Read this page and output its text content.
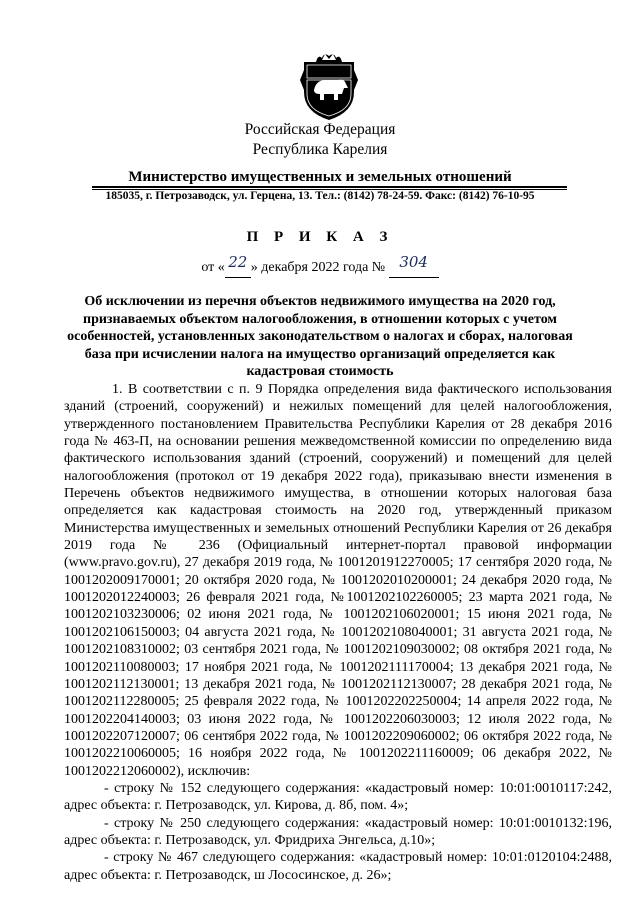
Российская Федерация
Республика Карелия
Министерство имущественных и земельных отношений
185035, г. Петрозаводск, ул. Герцена, 13. Тел.: (8142) 78-24-59. Факс: (8142) 76-10-95
П Р И К А З
от « 22 » декабря 2022 года № 304

Об исключении из перечня объектов недвижимого имущества на 2020 год, признаваемых объектом налогообложения, в отношении которых с учетом особенностей, установленных законодательством о налогах и сборах, налоговая база при исчислении налога на имущество организаций определяется как кадастровая стоимость

1. В соответствии с п. 9 Порядка определения вида фактического использования зданий (строений, сооружений) и нежилых помещений для целей налогообложения, утвержденного постановлением Правительства Республики Карелия от 28 декабря 2016 года № 463-П, на основании решения межведомственной комиссии по определению вида фактического использования зданий (строений, сооружений) и помещений для целей налогообложения (протокол от 19 декабря 2022 года), приказываю внести изменения в Перечень объектов недвижимого имущества, в отношении которых налоговая база определяется как кадастровая стоимость на 2020 год, утвержденный приказом Министерства имущественных и земельных отношений Республики Карелия от 26 декабря 2019 года № 236 (Официальный интернет-портал правовой информации (www.pravo.gov.ru), 27 декабря 2019 года, № 1001201912270005; 17 сентября 2020 года, № 1001202009170001; 20 октября 2020 года, № 1001202010200001; 24 декабря 2020 года, № 1001202012240003; 26 февраля 2021 года, №1001202102260005; 23 марта 2021 года, № 1001202103230006; 02 июня 2021 года, № 1001202106020001; 15 июня 2021 года, № 1001202106150003; 04 августа 2021 года, № 1001202108040001; 31 августа 2021 года, № 1001202108310002; 03 сентября 2021 года, № 1001202109030002; 08 октября 2021 года, № 1001202110080003; 17 ноября 2021 года, № 1001202111170004; 13 декабря 2021 года, № 1001202112130001; 13 декабря 2021 года, № 1001202112130007; 28 декабря 2021 года, № 1001202112280005; 25 февраля 2022 года, № 1001202202250004; 14 апреля 2022 года, № 1001202204140003; 03 июня 2022 года, № 1001202206030003; 12 июля 2022 года, № 1001202207120007; 06 сентября 2022 года, № 1001202209060002; 06 октября 2022 года, № 1001202210060005; 16 ноября 2022 года, № 1001202211160009; 06 декабря 2022, № 1001202212060002), исключив:

- строку № 152 следующего содержания: «кадастровый номер: 10:01:0010117:242, адрес объекта: г. Петрозаводск, ул. Кирова, д. 8б, пом. 4»;

- строку № 250 следующего содержания: «кадастровый номер: 10:01:0010132:196, адрес объекта: г. Петрозаводск, ул. Фридриха Энгельса, д.10»;

- строку № 467 следующего содержания: «кадастровый номер: 10:01:0120104:2488, адрес объекта: г. Петрозаводск, ш Лососинское, д. 26»;
